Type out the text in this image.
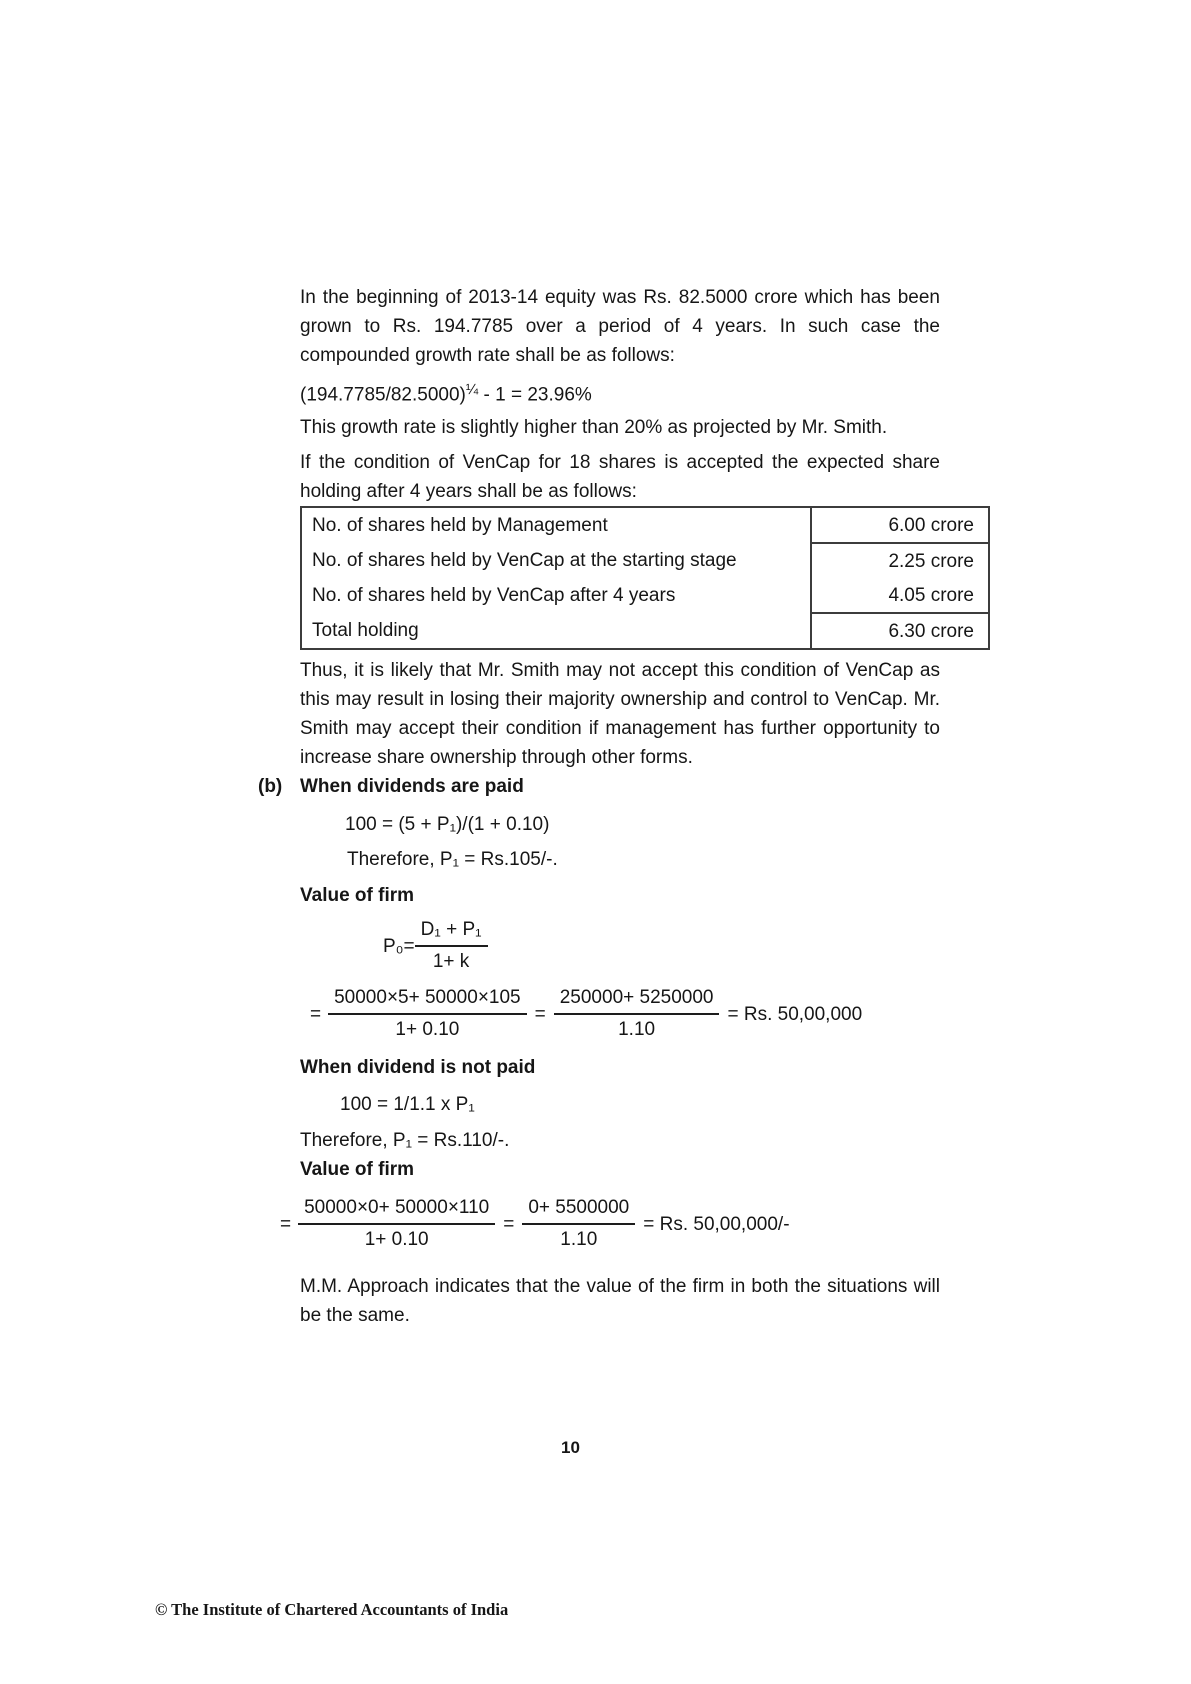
In the beginning of 2013-14 equity was Rs. 82.5000 crore which has been grown to Rs. 194.7785 over a period of 4 years. In such case the compounded growth rate shall be as follows:
$(194.7785/82.5000)^{\frac{1}{4}} - 1 = 23.96\%$
This growth rate is slightly higher than 20% as projected by Mr. Smith.
If the condition of VenCap for 18 shares is accepted the expected share holding after 4 years shall be as follows:
No. of shares held by Management	6.00 crore
No. of shares held by VenCap at the starting stage	2.25 crore
No. of shares held by VenCap after 4 years	4.05 crore
Total holding	6.30 crore
Thus, it is likely that Mr. Smith may not accept this condition of VenCap as this may result in losing their majority ownership and control to VenCap. Mr. Smith may accept their condition if management has further opportunity to increase share ownership through other forms.
(b) When dividends are paid
100 = (5 + P₁)/(1 + 0.10)
Therefore, P₁ = Rs.105/-.
Value of firm
$P_0= \frac{\text{D₁ + P₁}}{1+ k}$
= $\frac{50000\times 5+ 50000\times 105}{1+ 0.10} = \frac{250000+ 5250000}{1.10} = Rs$. 50,00,000
When dividend is not paid
100 = 1/1.1 x P₁
Therefore, P₁ = Rs.110/-.
Value of firm
= $\frac{50000\times 0+ 50000\times 110}{1+ 0.10} = \frac{0+ 5500000}{1.10} = Rs$. 50,00,000/-
M.M. Approach indicates that the value of the firm in both the situations will be the same.
10
© The Institute of Chartered Accountants of India
